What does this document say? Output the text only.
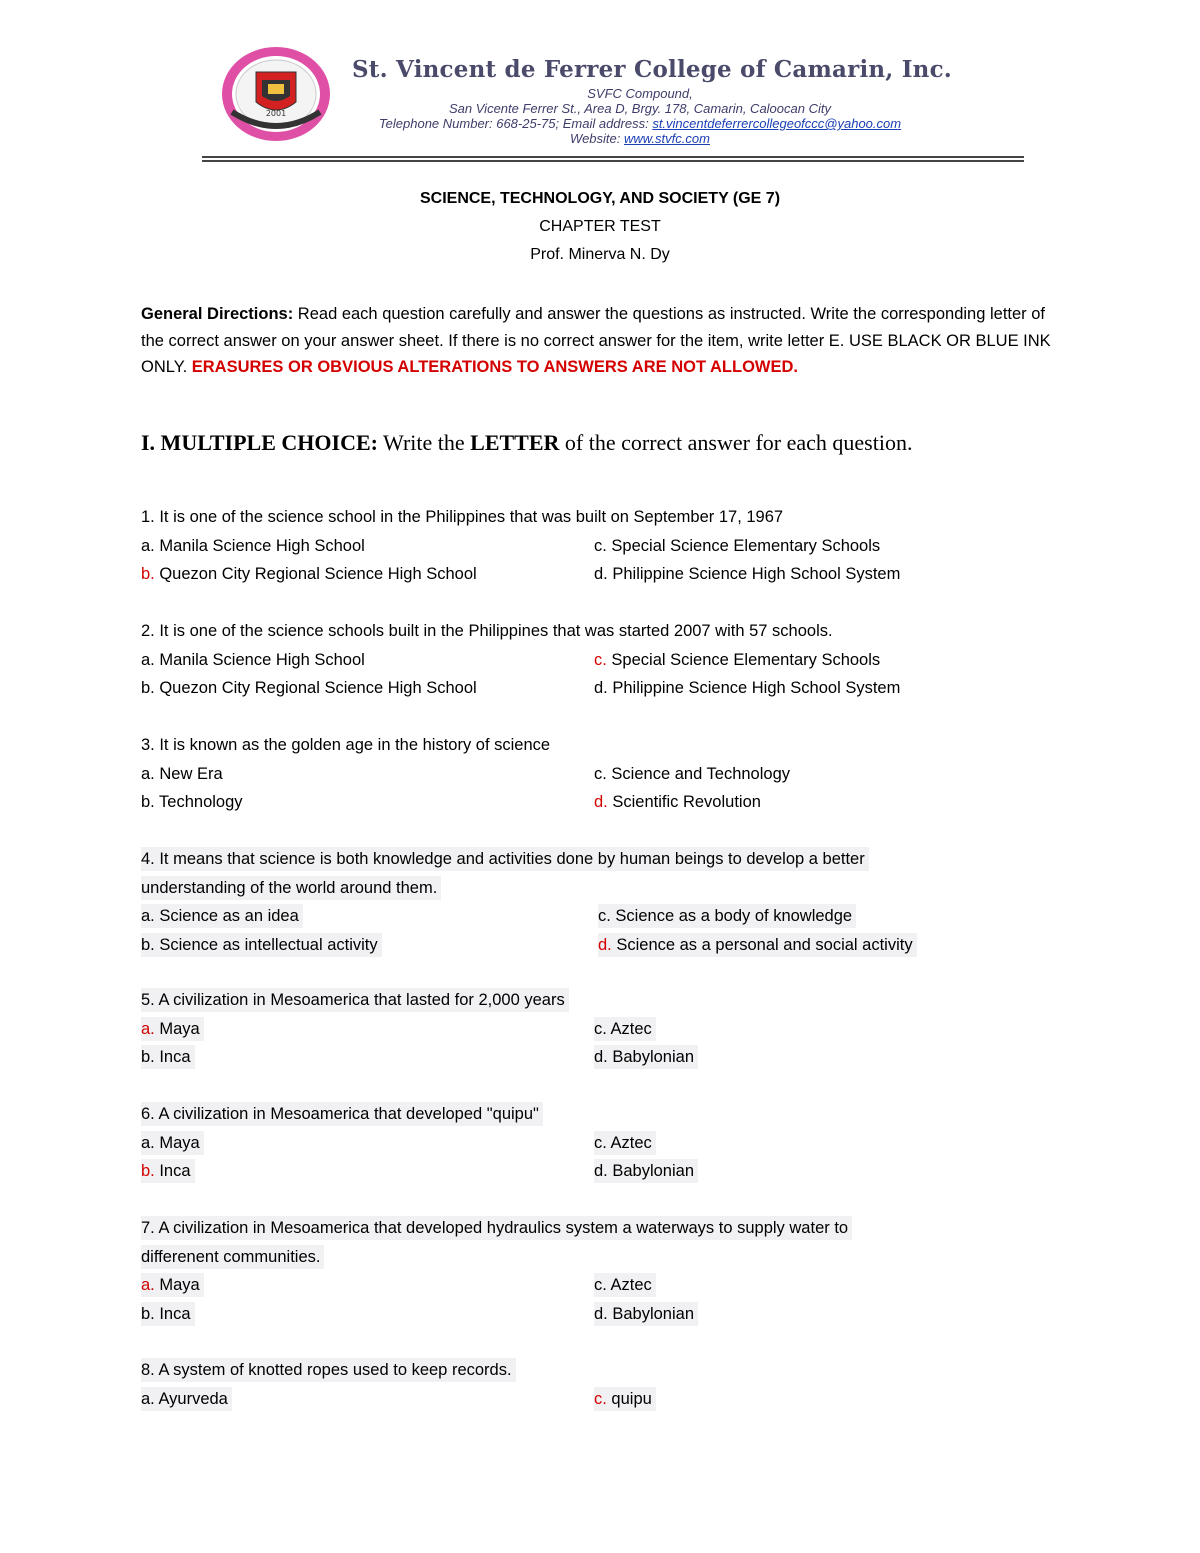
2001
St. Vincent de Ferrer College of Camarin, Inc.
SVFC Compound,
San Vicente Ferrer St., Area D, Brgy. 178, Camarin, Caloocan City
Telephone Number: 668-25-75; Email address: st.vincentdeferrercollegeofccc@yahoo.com
Website: www.stvfc.com
SCIENCE, TECHNOLOGY, AND SOCIETY (GE 7)
CHAPTER TEST
Prof. Minerva N. Dy
General Directions: Read each question carefully and answer the questions as instructed. Write the corresponding letter of the correct answer on your answer sheet. If there is no correct answer for the item, write letter E. USE BLACK OR BLUE INK ONLY. ERASURES OR OBVIOUS ALTERATIONS TO ANSWERS ARE NOT ALLOWED.
I. MULTIPLE CHOICE: Write the LETTER of the correct answer for each question.
1. It is one of the science school in the Philippines that was built on September 17, 1967
a. Manila Science High School	c. Special Science Elementary Schools
b. Quezon City Regional Science High School	d. Philippine Science High School System
2. It is one of the science schools built in the Philippines that was started 2007 with 57 schools.
a. Manila Science High School	c. Special Science Elementary Schools
b. Quezon City Regional Science High School	d. Philippine Science High School System
3. It is known as the golden age in the history of science
a. New Era	c. Science and Technology
b. Technology	d. Scientific Revolution
4. It means that science is both knowledge and activities done by human beings to develop a better
understanding of the world around them.
a. Science as an idea	c. Science as a body of knowledge
b. Science as intellectual activity	d. Science as a personal and social activity
5. A civilization in Mesoamerica that lasted for 2,000 years
a. Maya	c. Aztec
b. Inca	d. Babylonian
6. A civilization in Mesoamerica that developed "quipu"
a. Maya	c. Aztec
b. Inca	d. Babylonian
7. A civilization in Mesoamerica that developed hydraulics system a waterways to supply water to
differenent communities.
a. Maya	c. Aztec
b. Inca	d. Babylonian
8. A system of knotted ropes used to keep records.
a. Ayurveda	c. quipu
